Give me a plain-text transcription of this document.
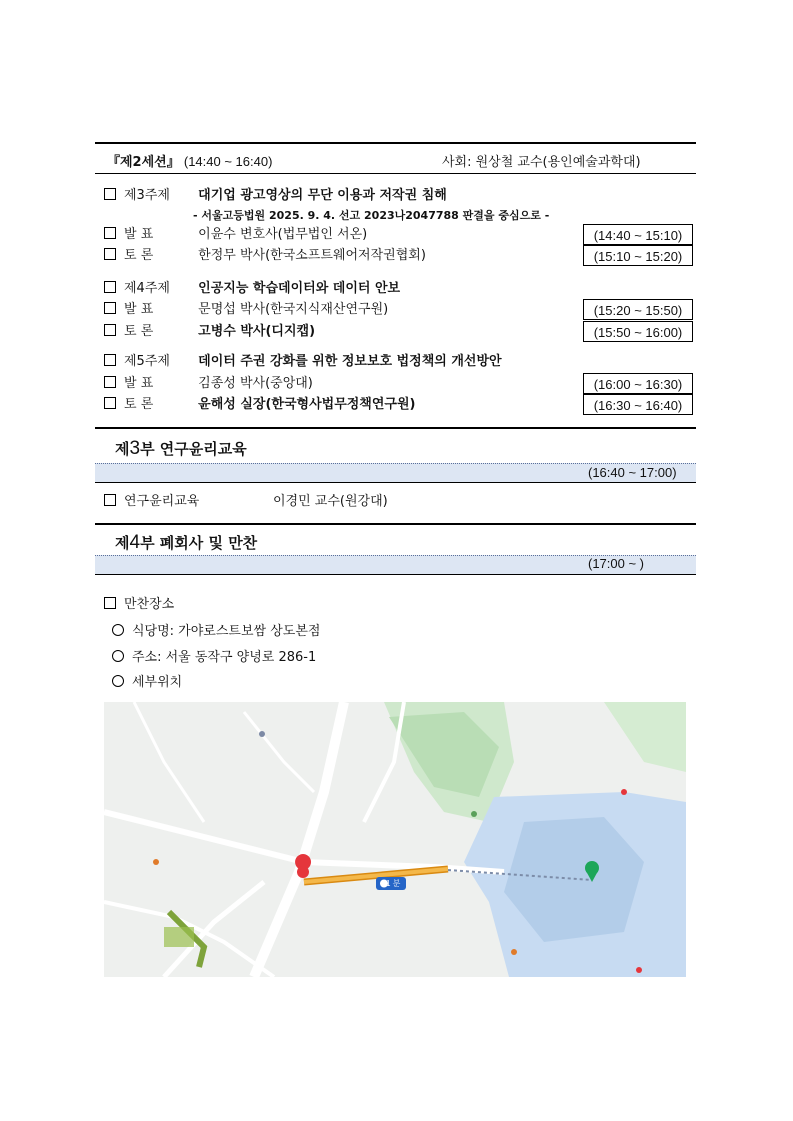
『제2세션』 (14:40 ~ 16:40)	사회: 원상철 교수(용인예술과학대)
제3주제 대기업 광고영상의 무단 이용과 저작권 침해
- 서울고등법원 2025. 9. 4. 선고 2023나2047788 판결을 중심으로 -
발 표	이윤수 변호사(법무법인 서온)	(14:40 ~ 15:10)
토 론	한정무 박사(한국소프트웨어저작권협회)	(15:10 ~ 15:20)
제4주제 인공지능 학습데이터와 데이터 안보
발 표	문명섭 박사(한국지식재산연구원)	(15:20 ~ 15:50)
토 론	고병수 박사(디지캡)	(15:50 ~ 16:00)
제5주제 데이터 주권 강화를 위한 정보보호 법정책의 개선방안
발 표	김종성 박사(중앙대)	(16:00 ~ 16:30)
토 론	윤해성 실장(한국형사법무정책연구원)	(16:30 ~ 16:40)
제3부 연구윤리교육
(16:40 ~ 17:00)
연구윤리교육	이경민 교수(원강대)
제4부 폐회사 및 만찬
(17:00 ~ )
만찬장소
식당명: 가야로스트보쌈 상도본점
주소: 서울 동작구 양녕로 286-1
세부위치
1 분
